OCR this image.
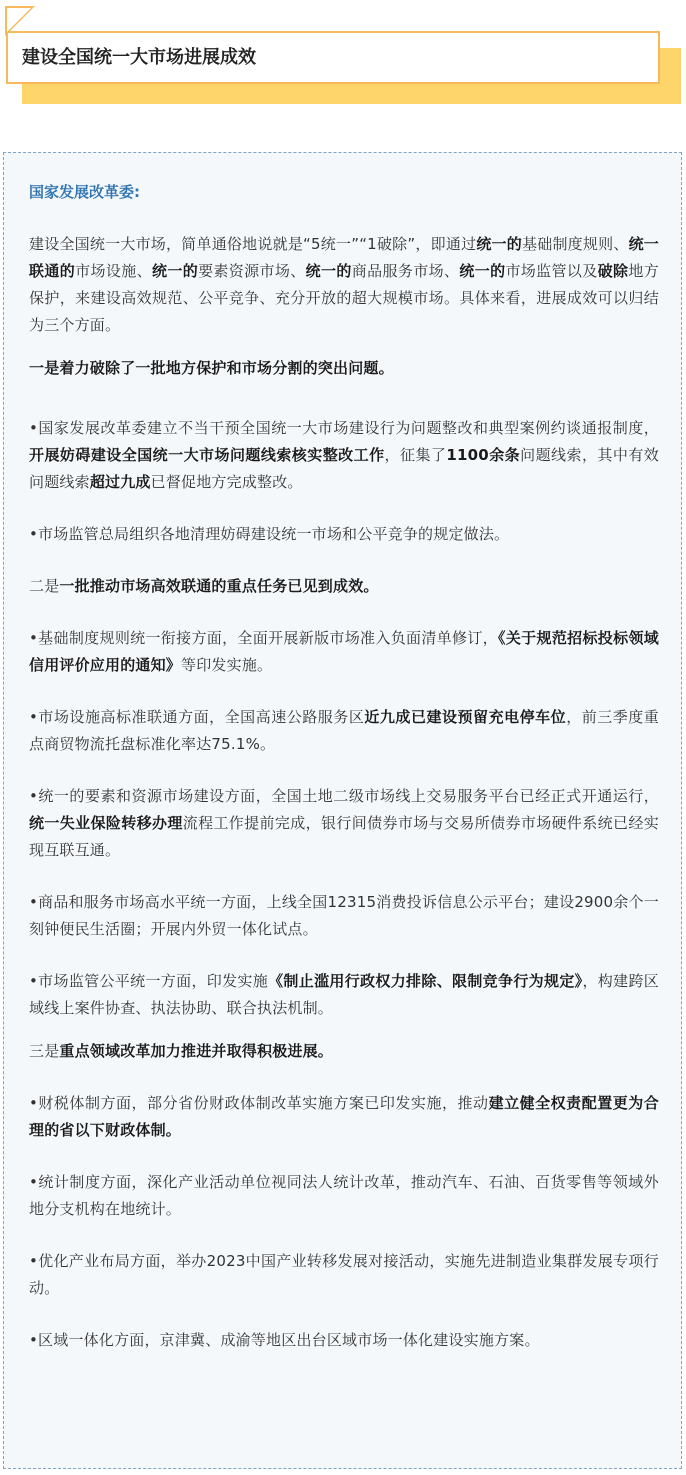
建设全国统一大市场进展成效

国家发展改革委:

建设全国统一大市场，简单通俗地说就是“5统一”“1破除”，即通过统一的基础制度规则、统一联通的市场设施、统一的要素资源市场、统一的商品服务市场、统一的市场监管以及破除地方保护，来建设高效规范、公平竞争、充分开放的超大规模市场。具体来看，进展成效可以归结为三个方面。

一是着力破除了一批地方保护和市场分割的突出问题。

•国家发展改革委建立不当干预全国统一大市场建设行为问题整改和典型案例约谈通报制度，开展妨碍建设全国统一大市场问题线索核实整改工作，征集了1100余条问题线索，其中有效问题线索超过九成已督促地方完成整改。

•市场监管总局组织各地清理妨碍建设统一市场和公平竞争的规定做法。

二是一批推动市场高效联通的重点任务已见到成效。

•基础制度规则统一衔接方面，全面开展新版市场准入负面清单修订，《关于规范招标投标领域信用评价应用的通知》等印发实施。

•市场设施高标准联通方面，全国高速公路服务区近九成已建设预留充电停车位，前三季度重点商贸物流托盘标准化率达75.1%。

•统一的要素和资源市场建设方面，全国土地二级市场线上交易服务平台已经正式开通运行，统一失业保险转移办理流程工作提前完成，银行间债券市场与交易所债券市场硬件系统已经实现互联互通。

•商品和服务市场高水平统一方面，上线全国12315消费投诉信息公示平台；建设2900余个一刻钟便民生活圈；开展内外贸一体化试点。

•市场监管公平统一方面，印发实施《制止滥用行政权力排除、限制竞争行为规定》，构建跨区域线上案件协查、执法协助、联合执法机制。

三是重点领域改革加力推进并取得积极进展。

•财税体制方面，部分省份财政体制改革实施方案已印发实施，推动建立健全权责配置更为合理的省以下财政体制。

•统计制度方面，深化产业活动单位视同法人统计改革，推动汽车、石油、百货零售等领域外地分支机构在地统计。

•优化产业布局方面，举办2023中国产业转移发展对接活动，实施先进制造业集群发展专项行动。

•区域一体化方面，京津冀、成渝等地区出台区域市场一体化建设实施方案。
